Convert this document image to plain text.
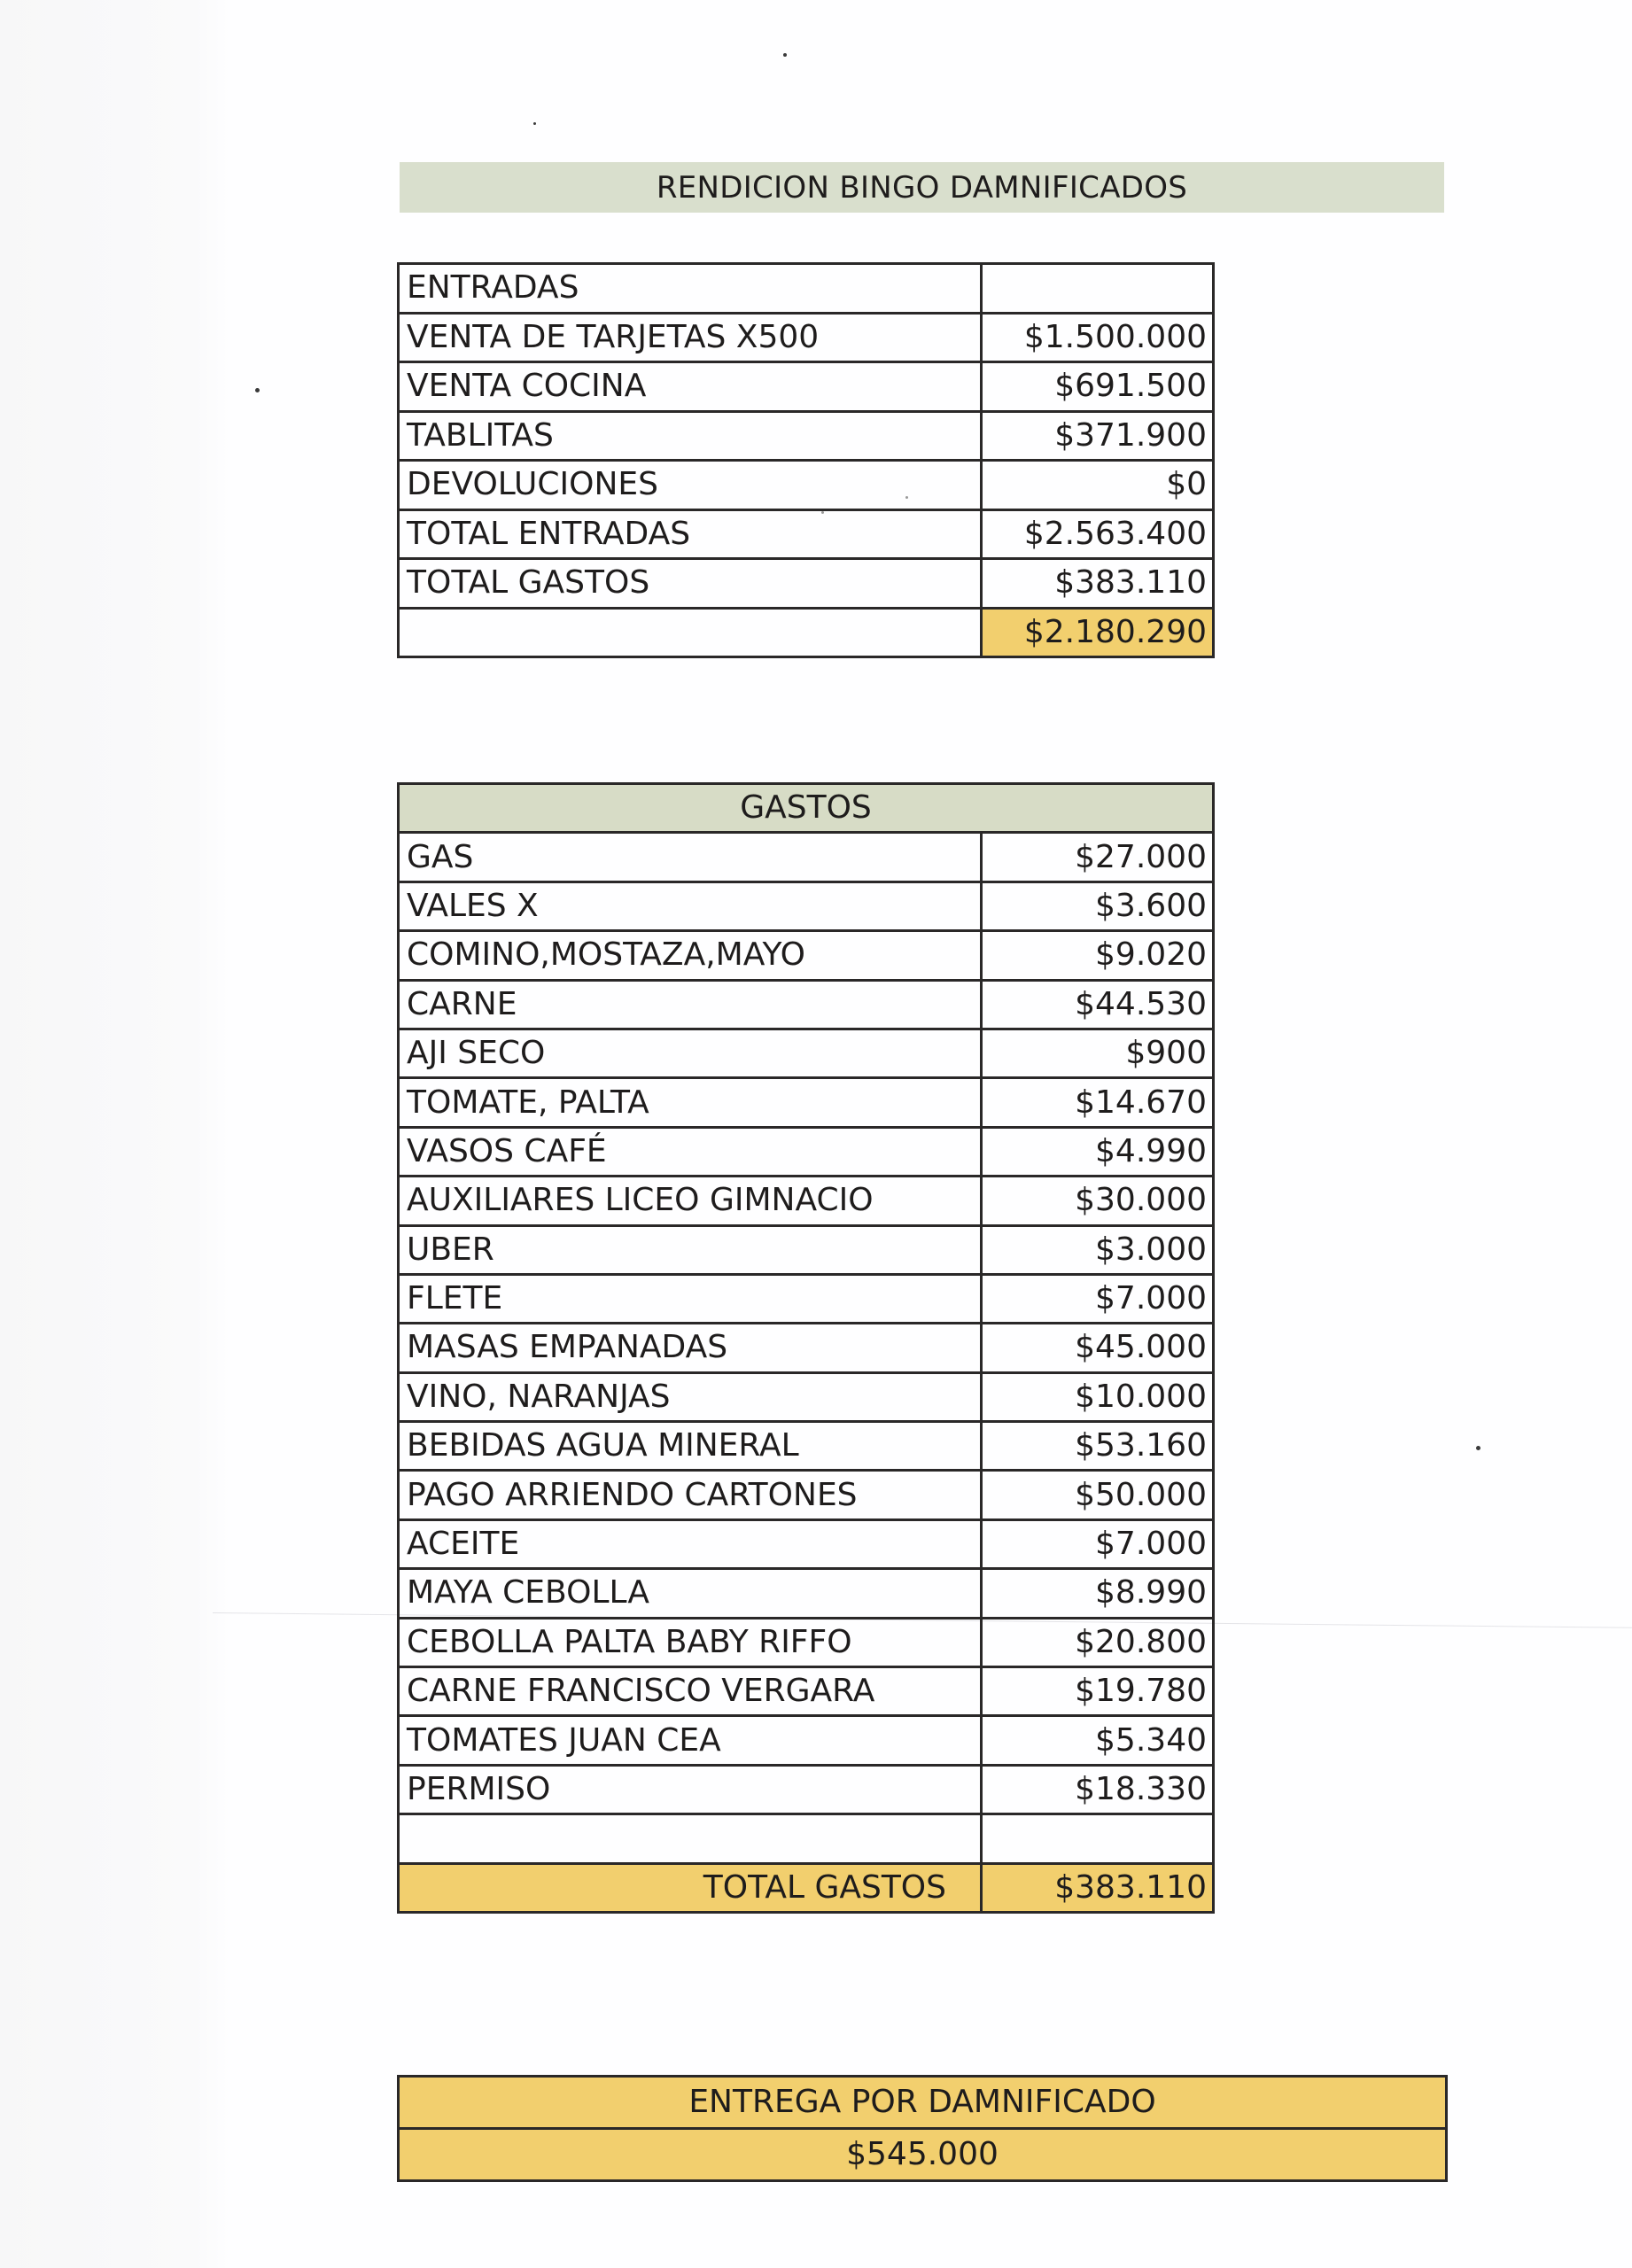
RENDICION BINGO DAMNIFICADOS
ENTRADAS	
VENTA DE TARJETAS X500	$1.500.000
VENTA COCINA	$691.500
TABLITAS	$371.900
DEVOLUCIONES	$0
TOTAL ENTRADAS	$2.563.400
TOTAL GASTOS	$383.110
	$2.180.290
GASTOS	
GAS	$27.000
VALES X	$3.600
COMINO,MOSTAZA,MAYO	$9.020
CARNE	$44.530
AJI SECO	$900
TOMATE, PALTA	$14.670
VASOS CAFÉ	$4.990
AUXILIARES LICEO GIMNACIO	$30.000
UBER	$3.000
FLETE	$7.000
MASAS EMPANADAS	$45.000
VINO, NARANJAS	$10.000
BEBIDAS AGUA MINERAL	$53.160
PAGO ARRIENDO CARTONES	$50.000
ACEITE	$7.000
MAYA CEBOLLA	$8.990
CEBOLLA PALTA BABY RIFFO	$20.800
CARNE FRANCISCO VERGARA	$19.780
TOMATES JUAN CEA	$5.340
PERMISO	$18.330

TOTAL GASTOS	$383.110
ENTREGA POR DAMNIFICADO
$545.000
